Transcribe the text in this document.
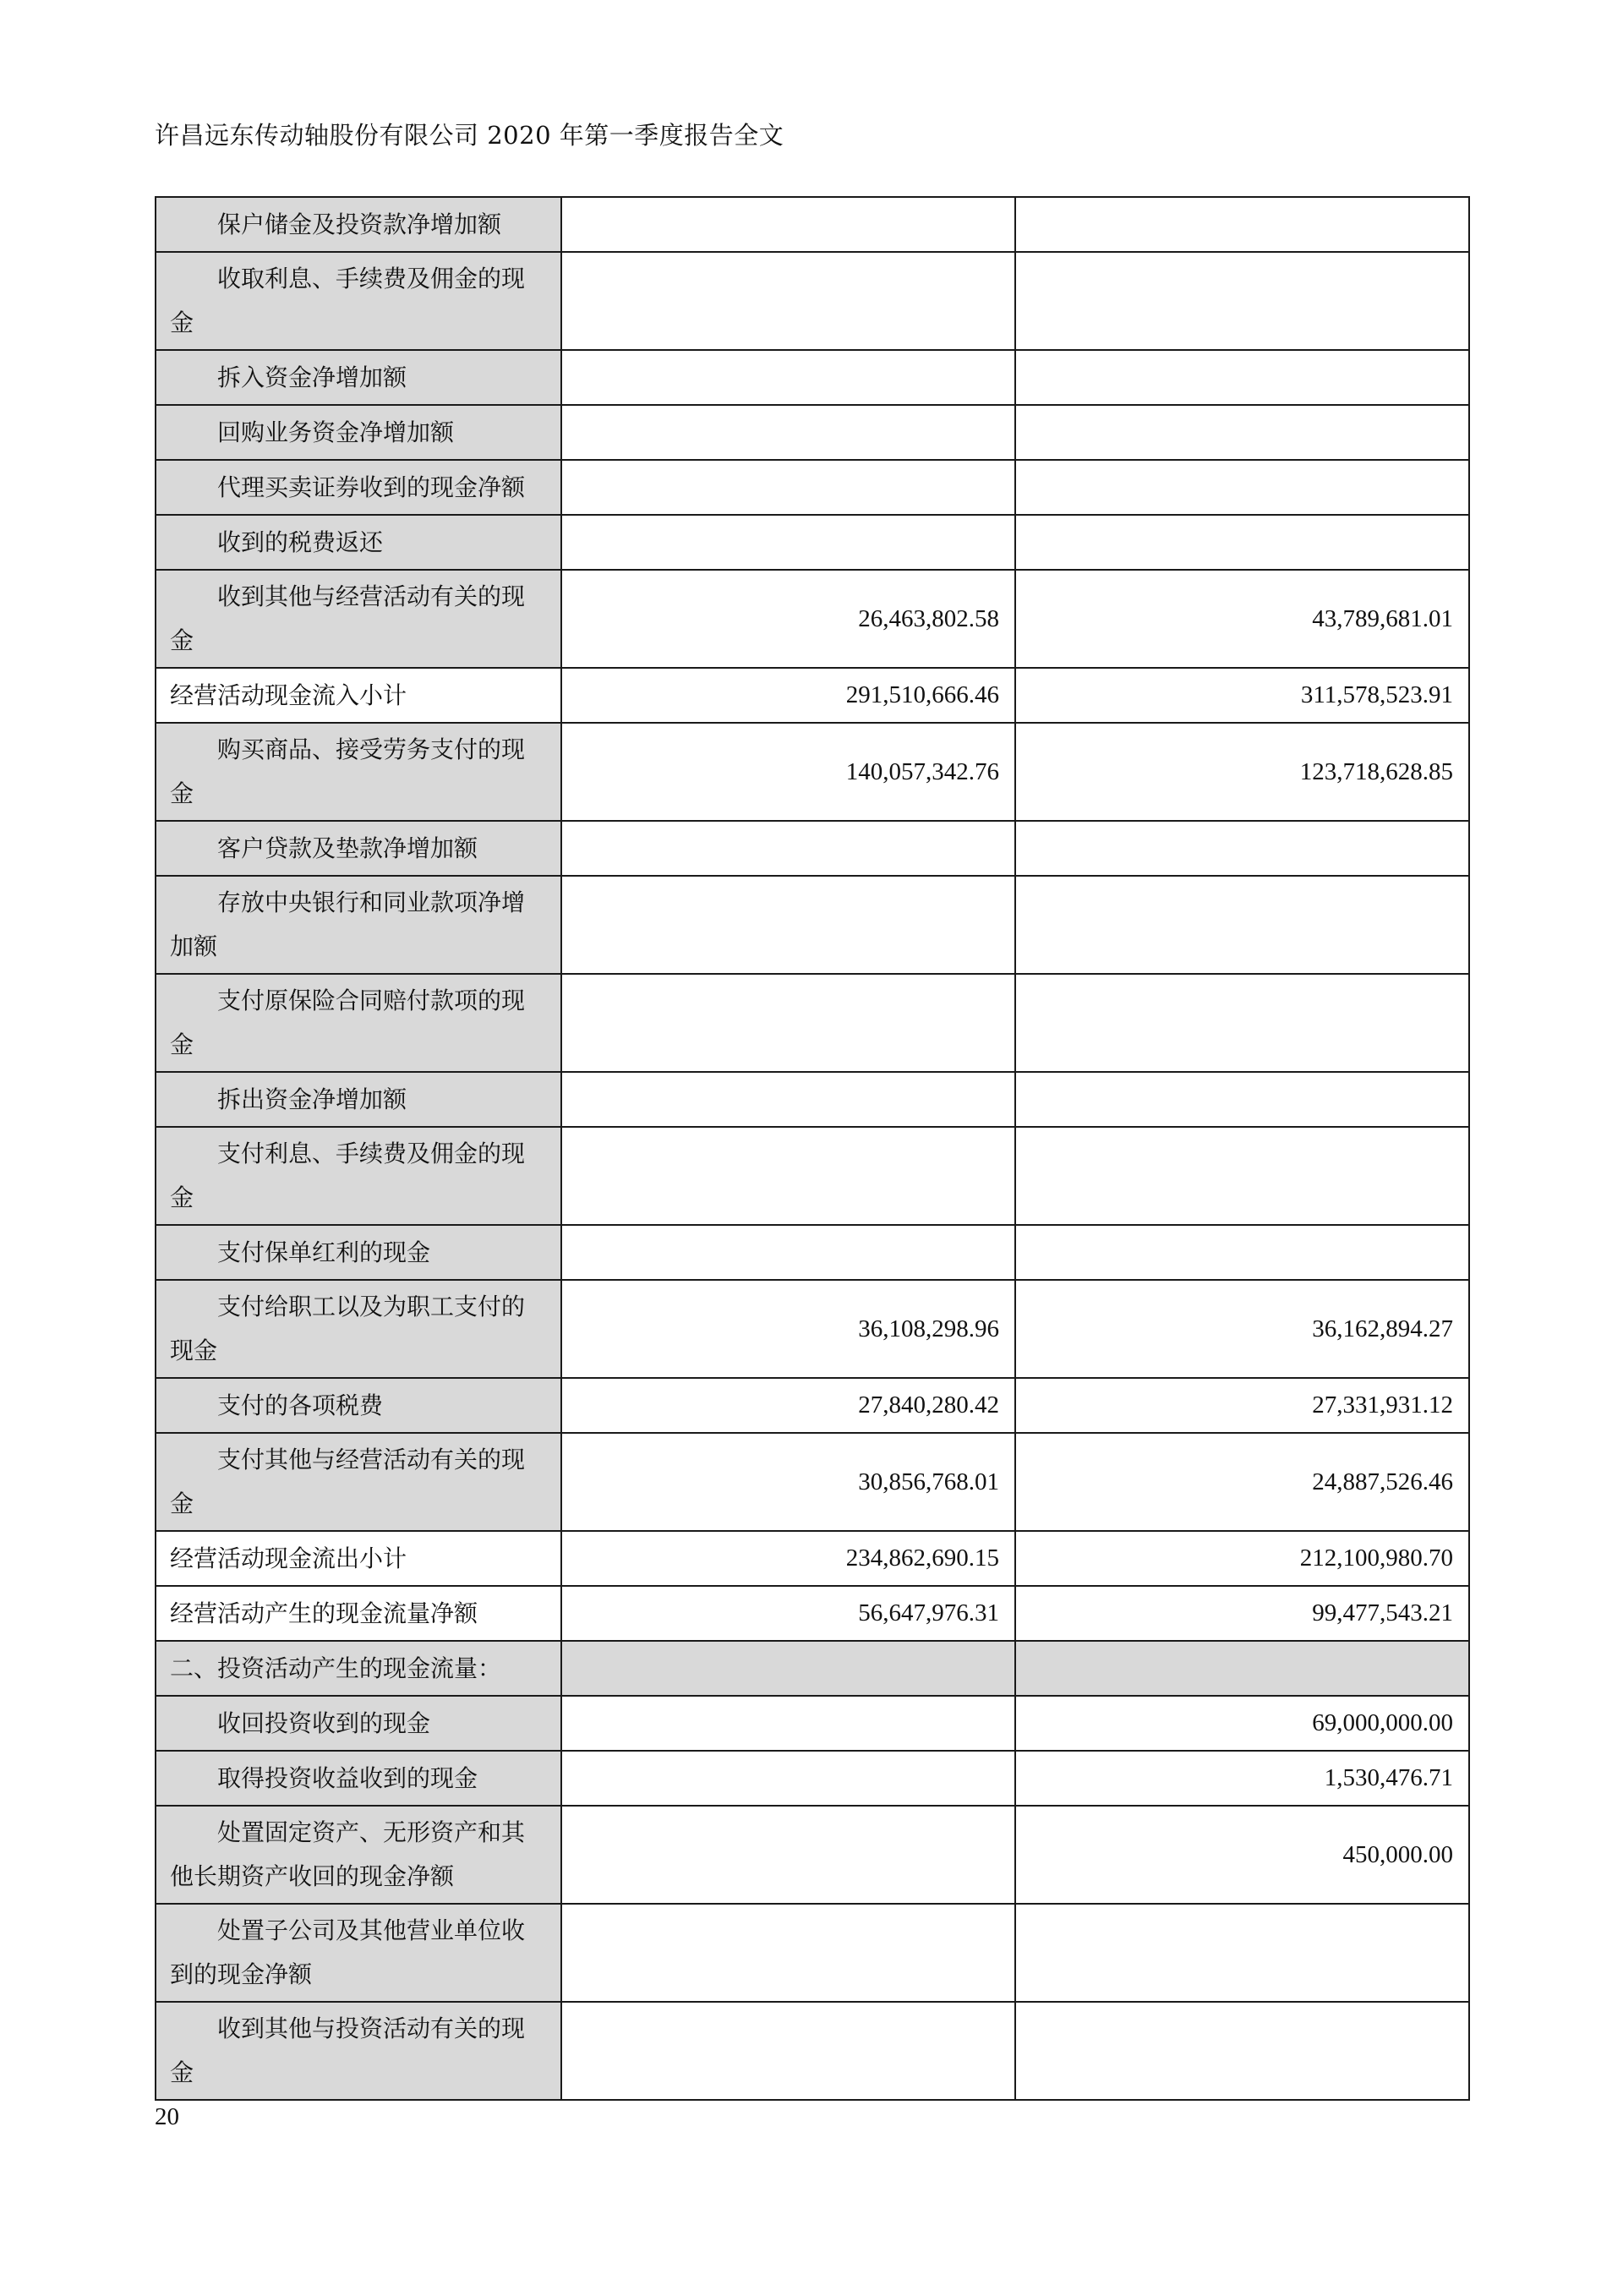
许昌远东传动轴股份有限公司 2020 年第一季度报告全文
保户储金及投资款净增加额		

收取利息、手续费及佣金的现金		

拆入资金净增加额		

回购业务资金净增加额		

代理买卖证券收到的现金净额		

收到的税费返还		

收到其他与经营活动有关的现金	26,463,802.58	43,789,681.01

经营活动现金流入小计	291,510,666.46	311,578,523.91

购买商品、接受劳务支付的现金	140,057,342.76	123,718,628.85

客户贷款及垫款净增加额		

存放中央银行和同业款项净增加额		

支付原保险合同赔付款项的现金		

拆出资金净增加额		

支付利息、手续费及佣金的现金		

支付保单红利的现金		

支付给职工以及为职工支付的现金	36,108,298.96	36,162,894.27

支付的各项税费	27,840,280.42	27,331,931.12

支付其他与经营活动有关的现金	30,856,768.01	24,887,526.46

经营活动现金流出小计	234,862,690.15	212,100,980.70

经营活动产生的现金流量净额	56,647,976.31	99,477,543.21

二、投资活动产生的现金流量：		

收回投资收到的现金		69,000,000.00

取得投资收益收到的现金		1,530,476.71

处置固定资产、无形资产和其他长期资产收回的现金净额		450,000.00

处置子公司及其他营业单位收到的现金净额		

收到其他与投资活动有关的现金		

20
